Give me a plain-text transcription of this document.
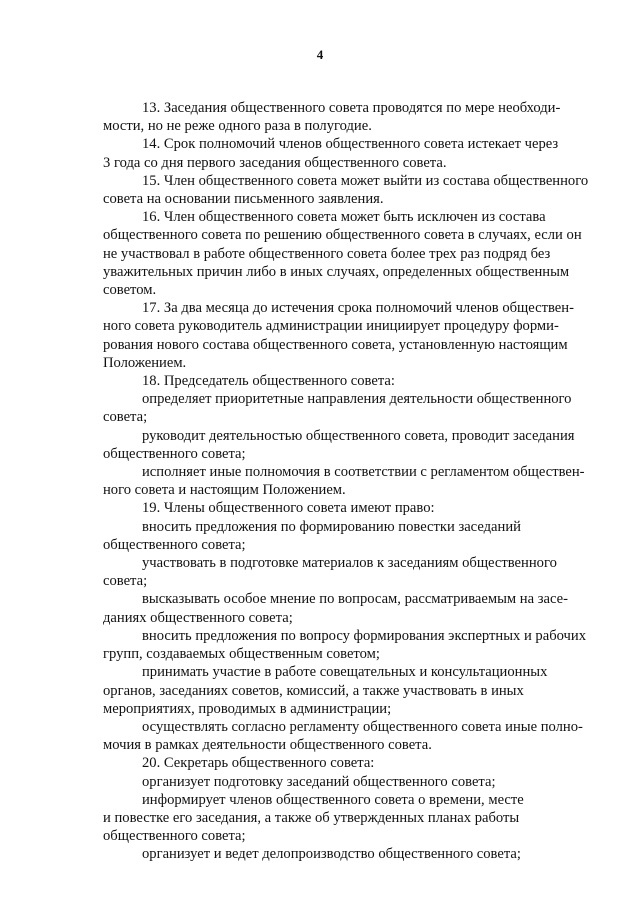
4

13. Заседания общественного совета проводятся по мере необходи-
мости, но не реже одного раза в полугодие.

14. Срок полномочий членов общественного совета истекает через
3 года со дня первого заседания общественного совета.

15. Член общественного совета может выйти из состава общественного
совета на основании письменного заявления.

16. Член общественного совета может быть исключен из состава
общественного совета по решению общественного совета в случаях, если он
не участвовал в работе общественного совета более трех раз подряд без
уважительных причин либо в иных случаях, определенных общественным
советом.

17. За два месяца до истечения срока полномочий членов обществен-
ного совета руководитель администрации инициирует процедуру форми-
рования нового состава общественного совета, установленную настоящим
Положением.

18. Председатель общественного совета:

определяет приоритетные направления деятельности общественного
совета;

руководит деятельностью общественного совета, проводит заседания
общественного совета;

исполняет иные полномочия в соответствии с регламентом обществен-
ного совета и настоящим Положением.

19. Члены общественного совета имеют право:

вносить предложения по формированию повестки заседаний
общественного совета;

участвовать в подготовке материалов к заседаниям общественного
совета;

высказывать особое мнение по вопросам, рассматриваемым на засе-
даниях общественного совета;

вносить предложения по вопросу формирования экспертных и рабочих
групп, создаваемых общественным советом;

принимать участие в работе совещательных и консультационных
органов, заседаниях советов, комиссий, а также участвовать в иных
мероприятиях, проводимых в администрации;

осуществлять согласно регламенту общественного совета иные полно-
мочия в рамках деятельности общественного совета.

20. Секретарь общественного совета:

организует подготовку заседаний общественного совета;

информирует членов общественного совета о времени, месте
и повестке его заседания, а также об утвержденных планах работы
общественного совета;

организует и ведет делопроизводство общественного совета;
